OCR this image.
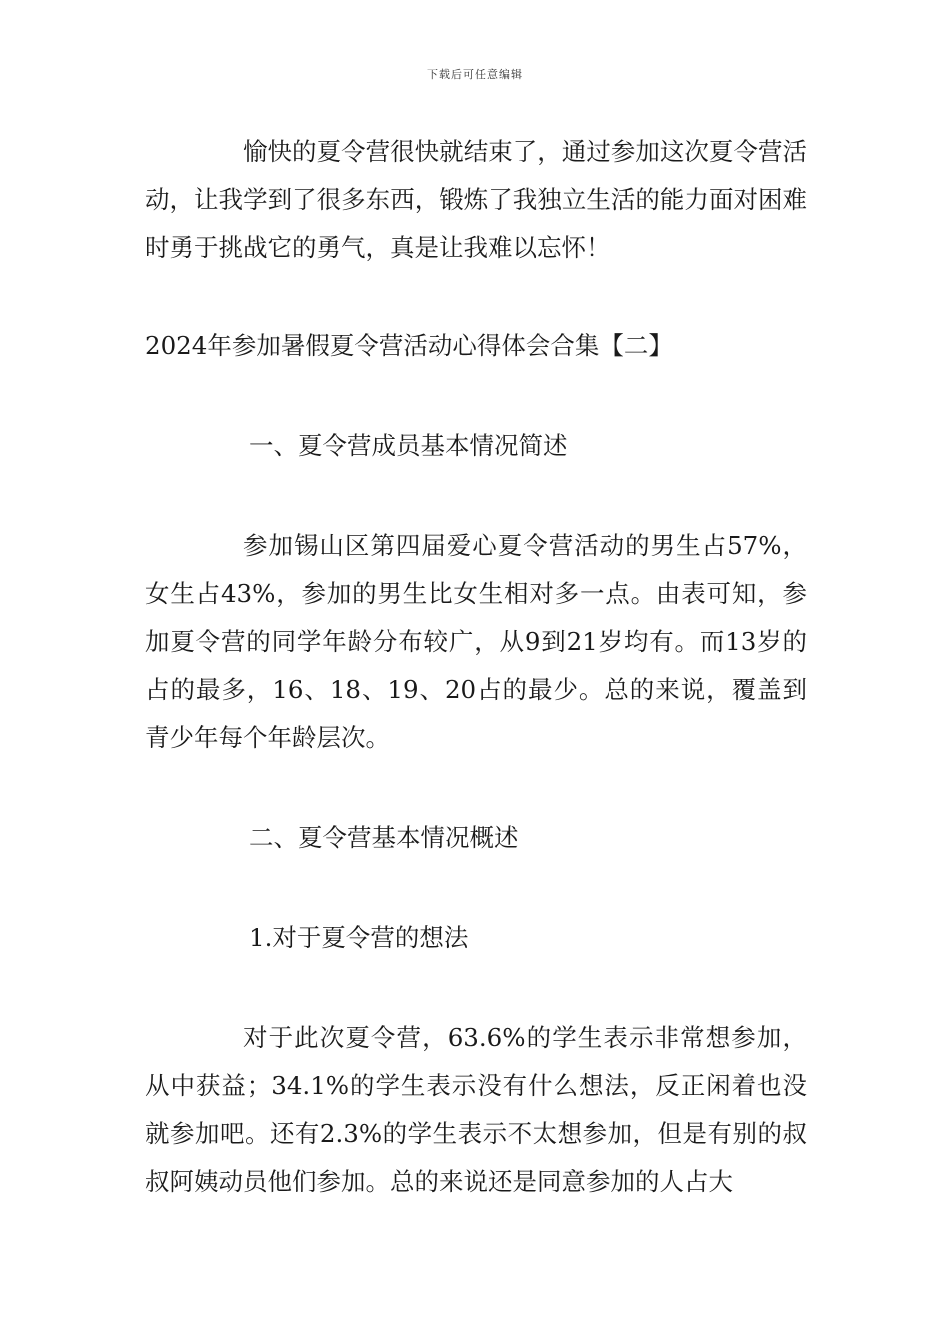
下载后可任意编辑

愉快的夏令营很快就结束了，通过参加这次夏令营活动，让我学到了很多东西，锻炼了我独立生活的能力面对困难时勇于挑战它的勇气，真是让我难以忘怀！

2024年参加暑假夏令营活动心得体会合集【二】

一、夏令营成员基本情况简述

参加锡山区第四届爱心夏令营活动的男生占57%，女生占43%，参加的男生比女生相对多一点。由表可知，参加夏令营的同学年龄分布较广，从9到21岁均有。而13岁的占的最多，16、18、19、20占的最少。总的来说，覆盖到青少年每个年龄层次。

二、夏令营基本情况概述

1.对于夏令营的想法

对于此次夏令营，63.6%的学生表示非常想参加，从中获益；34.1%的学生表示没有什么想法，反正闲着也没就参加吧。还有2.3%的学生表示不太想参加，但是有别的叔叔阿姨动员他们参加。总的来说还是同意参加的人占大
